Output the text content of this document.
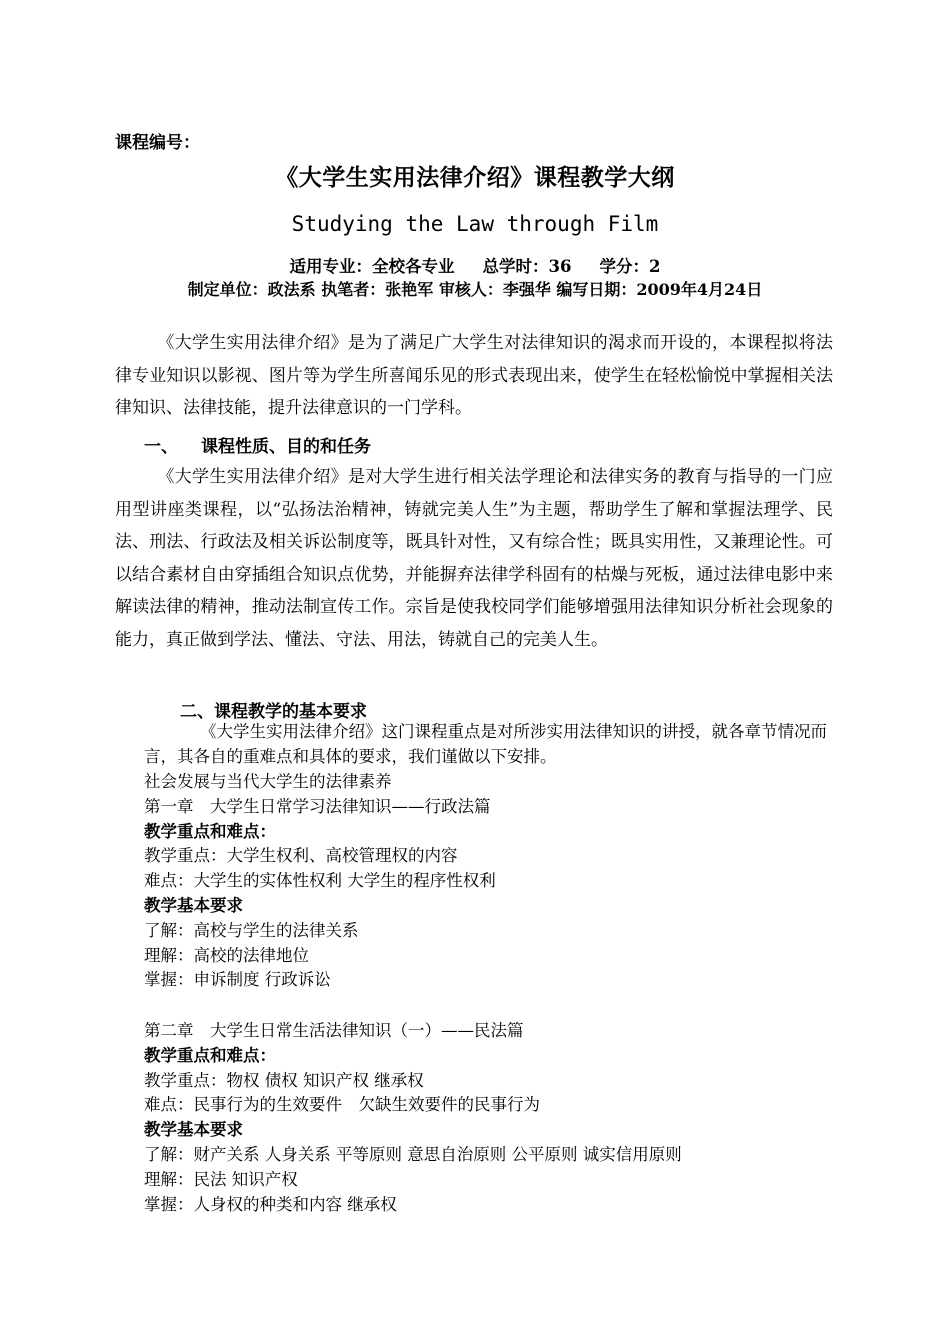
课程编号：
《大学生实用法律介绍》课程教学大纲
Studying the Law through Film
适用专业：全校各专业 总学时：36 学分：2
制定单位：政法系 执笔者：张艳军 审核人：李强华 编写日期：2009年4月24日
《大学生实用法律介绍》是为了满足广大学生对法律知识的渴求而开设的，本课程拟将法律专业知识以影视、图片等为学生所喜闻乐见的形式表现出来，使学生在轻松愉悦中掌握相关法律知识、法律技能，提升法律意识的一门学科。
一、 课程性质、目的和任务
《大学生实用法律介绍》是对大学生进行相关法学理论和法律实务的教育与指导的一门应用型讲座类课程，以“弘扬法治精神，铸就完美人生”为主题，帮助学生了解和掌握法理学、民法、刑法、行政法及相关诉讼制度等，既具针对性，又有综合性；既具实用性，又兼理论性。可以结合素材自由穿插组合知识点优势，并能摒弃法律学科固有的枯燥与死板，通过法律电影中来解读法律的精神，推动法制宣传工作。宗旨是使我校同学们能够增强用法律知识分析社会现象的能力，真正做到学法、懂法、守法、用法，铸就自己的完美人生。
二、课程教学的基本要求
《大学生实用法律介绍》这门课程重点是对所涉实用法律知识的讲授，就各章节情况而言，其各自的重难点和具体的要求，我们谨做以下安排。
社会发展与当代大学生的法律素养
第一章　大学生日常学习法律知识——行政法篇
教学重点和难点：
教学重点：大学生权利、高校管理权的内容
难点：大学生的实体性权利 大学生的程序性权利
教学基本要求
了解：高校与学生的法律关系
理解：高校的法律地位
掌握：申诉制度 行政诉讼
第二章　大学生日常生活法律知识（一）——民法篇
教学重点和难点：
教学重点：物权 债权 知识产权 继承权
难点：民事行为的生效要件　欠缺生效要件的民事行为
教学基本要求
了解：财产关系 人身关系 平等原则 意思自治原则 公平原则 诚实信用原则
理解：民法 知识产权
掌握：人身权的种类和内容 继承权
